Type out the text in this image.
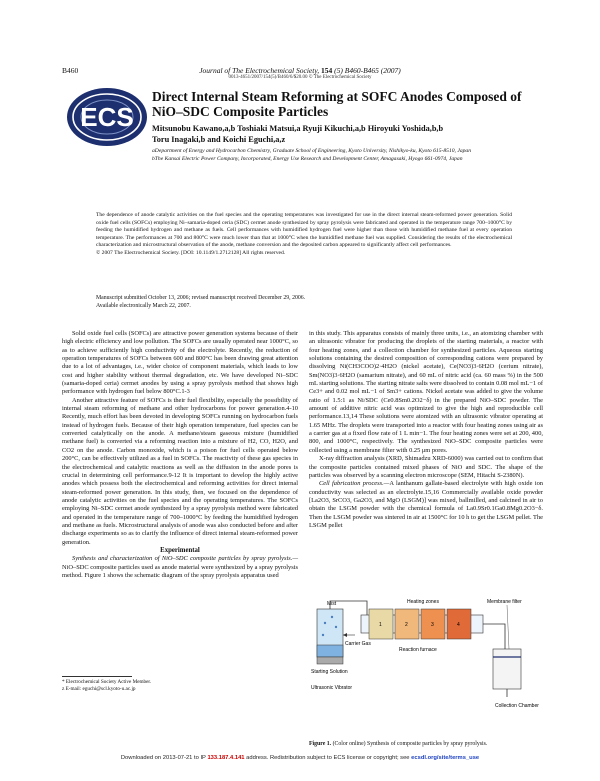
B460	Journal of The Electrochemical Society, 154 (5) B460-B465 (2007)
0013-4651/2007/154(5)/B460/6/$20.00 © The Electrochemical Society
ECS
Direct Internal Steam Reforming at SOFC Anodes Composed of NiO–SDC Composite Particles
Mitsunobu Kawano,a,b Toshiaki Matsui,a Ryuji Kikuchi,a,b Hiroyuki Yoshida,b,b
Toru Inagaki,b and Koichi Eguchi,a,z
aDepartment of Energy and Hydrocarbon Chemistry, Graduate School of Engineering, Kyoto University, Nishikyo-ku, Kyoto 615-8510, Japan
bThe Kansai Electric Power Company, Incorporated, Energy Use Research and Development Center, Amagasaki, Hyogo 661-0974, Japan
The dependence of anode catalytic activities on the fuel species and the operating temperatures was investigated for use in the direct internal steam-reformed power generation. Solid oxide fuel cells (SOFCs) employing Ni–samaria-doped ceria (SDC) cermet anode synthesized by spray pyrolysis were fabricated and operated in the temperature range 700–1000°C by feeding the humidified hydrogen and methane as fuels. Cell performances with humidified hydrogen fuel were higher than those with humidified methane fuel at every operation temperature. The performances at 700 and 800°C were much lower than that at 1000°C when the humidified methane fuel was supplied. Considering the results of the electrochemical characterization and microstructural observation of the anode, methane conversion and the deposited carbon appeared to significantly affect cell performances.
© 2007 The Electrochemical Society. [DOI: 10.1149/1.2712128] All rights reserved.
Manuscript submitted October 13, 2006; revised manuscript received December 29, 2006.
Available electronically March 22, 2007.

Solid oxide fuel cells (SOFCs) are attractive power generation systems because of their high electric efficiency and low pollution. The SOFCs are usually operated near 1000°C, so as to achieve sufficiently high conductivity of the electrolyte. Recently, the reduction of operation temperatures of SOFCs between 600 and 800°C has been drawing great attention due to a lot of advantages, i.e., wider choice of component materials, which leads to low cost and higher stability without thermal degradation, etc. We have developed Ni–SDC (samaria-doped ceria) cermet anodes by using a spray pyrolysis method that shows high performance with hydrogen fuel below 800°C.1-3

Another attractive feature of SOFCs is their fuel flexibility, especially the possibility of internal steam reforming of methane and other hydrocarbons for power generation.4-10 Recently, much effort has been devoted in developing SOFCs running on hydrocarbon fuels instead of hydrogen fuels. Because of their high operation temperature, fuel species can be converted catalytically on the anode. A methane/steam gaseous mixture (humidified methane fuel) is converted via a reforming reaction into a mixture of H2, CO, H2O, and CO2 on the anode. Carbon monoxide, which is a poison for fuel cells operated below 200°C, can be effectively utilized as a fuel in SOFCs. The reactivity of these gas species in the electrochemical and catalytic reactions as well as the diffusion in the anode pores is crucial in determining cell performance.9-12 It is important to develop the highly active anodes which possess both the electrochemical and reforming activities for direct internal steam-reformed power generation. In this study, then, we focused on the dependence of anode catalytic activities on the fuel species and the operating temperatures. The SOFCs employing Ni–SDC cermet anode synthesized by a spray pyrolysis method were fabricated and operated in the temperature range of 700–1000°C by feeding the humidified hydrogen and methane as fuels. Microstructural analysis of anode was also conducted before and after discharge experiments so as to clarify the influence of direct internal steam-reformed power generation.

Experimental

Synthesis and characterization of NiO–SDC composite particles by spray pyrolysis.—NiO–SDC composite particles used as anode material were synthesized by a spray pyrolysis method. Figure 1 shows the schematic diagram of the spray pyrolysis apparatus used

* Electrochemical Society Active Member.
z E-mail: eguchi@scl.kyoto-u.ac.jp

in this study. This apparatus consists of mainly three units, i.e., an atomizing chamber with an ultrasonic vibrator for producing the droplets of the starting materials, a reactor with four heating zones, and a collection chamber for synthesized particles. Aqueous starting solutions containing the desired composition of corresponding cations were prepared by dissolving Ni(CH3COO)2·4H2O (nickel acetate), Ce(NO3)3·6H2O (cerium nitrate), Sm(NO3)3·6H2O (samarium nitrate), and 60 mL of nitric acid (ca. 60 mass %) in the 500 mL starting solutions. The starting nitrate salts were dissolved to contain 0.08 mol mL−1 of Ce3+ and 0.02 mol mL−1 of Sm3+ cations. Nickel acetate was added to give the volume ratio of 1.5:1 as Ni/SDC (Ce0.8Sm0.2O2−δ) in the prepared NiO–SDC powder. The amount of additive nitric acid was optimized to give the high and reproducible cell performance.13,14 These solutions were atomized with an ultrasonic vibrator operating at 1.65 MHz. The droplets were transported into a reactor with four heating zones using air as a carrier gas at a fixed flow rate of 1 L min−1. The four heating zones were set at 200, 400, 800, and 1000°C, respectively. The synthesized NiO–SDC composite particles were collected using a membrane filter with 0.25 μm pores.

X-ray diffraction analysis (XRD, Shimadzu XRD-6000) was carried out to confirm that the composite particles contained mixed phases of NiO and SDC. The shape of the particles was observed by a scanning electron microscope (SEM, Hitachi S-2380N).

Cell fabrication process.—A lanthanum gallate-based electrolyte with high oxide ion conductivity was selected as an electrolyte.15,16 Commercially available oxide powder [La2O3, SrCO3, Ga2O3, and MgO (LSGM)] was mixed, ballmilled, and calcined in air to obtain the LSGM powder with the chemical formula of La0.9Sr0.1Ga0.8Mg0.2O3−δ. Then the LSGM powder was sintered in air at 1500°C for 10 h to get the LSGM pellet. The LSGM pellet

Mist
Carrier Gas
Starting Solution
Ultrasonic Vibrator
Heating zones
1	2	3	4
Reaction furnace
Membrane filter
Collection Chamber
Figure 1. (Color online) Synthesis of composite particles by spray pyrolysis.
Downloaded on 2013-07-21 to IP 133.187.4.141 address. Redistribution subject to ECS license or copyright; see ecsdl.org/site/terms_use
